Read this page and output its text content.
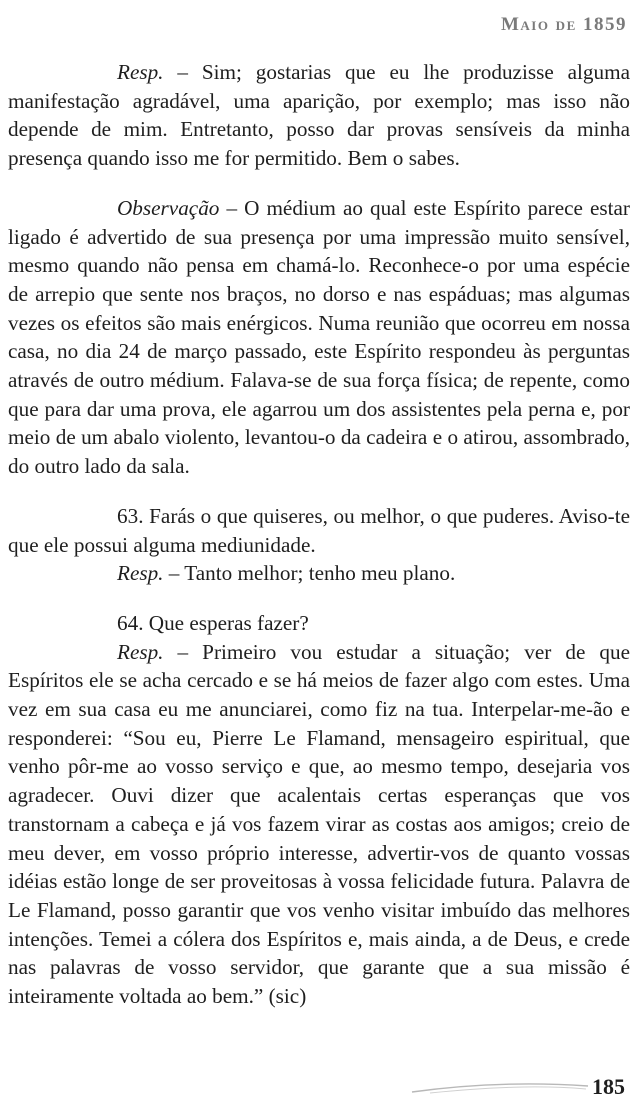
Maio de 1859

Resp. – Sim; gostarias que eu lhe produzisse alguma manifestação agradável, uma aparição, por exemplo; mas isso não depende de mim. Entretanto, posso dar provas sensíveis da minha presença quando isso me for permitido. Bem o sabes.

Observação – O médium ao qual este Espírito parece estar ligado é advertido de sua presença por uma impressão muito sensível, mesmo quando não pensa em chamá-lo. Reconhece-o por uma espécie de arrepio que sente nos braços, no dorso e nas espáduas; mas algumas vezes os efeitos são mais enérgicos. Numa reunião que ocorreu em nossa casa, no dia 24 de março passado, este Espírito respondeu às perguntas através de outro médium. Falava-se de sua força física; de repente, como que para dar uma prova, ele agarrou um dos assistentes pela perna e, por meio de um abalo violento, levantou-o da cadeira e o atirou, assombrado, do outro lado da sala.

63. Farás o que quiseres, ou melhor, o que puderes. Aviso-te que ele possui alguma mediunidade.

Resp. – Tanto melhor; tenho meu plano.

64. Que esperas fazer?

Resp. – Primeiro vou estudar a situação; ver de que Espíritos ele se acha cercado e se há meios de fazer algo com estes. Uma vez em sua casa eu me anunciarei, como fiz na tua. Interpelar-me-ão e responderei: “Sou eu, Pierre Le Flamand, mensageiro espiritual, que venho pôr-me ao vosso serviço e que, ao mesmo tempo, desejaria vos agradecer. Ouvi dizer que acalentais certas esperanças que vos transtornam a cabeça e já vos fazem virar as costas aos amigos; creio de meu dever, em vosso próprio interesse, advertir-vos de quanto vossas idéias estão longe de ser proveitosas à vossa felicidade futura. Palavra de Le Flamand, posso garantir que vos venho visitar imbuído das melhores intenções. Temei a cólera dos Espíritos e, mais ainda, a de Deus, e crede nas palavras de vosso servidor, que garante que a sua missão é inteiramente voltada ao bem.” (sic)

185
